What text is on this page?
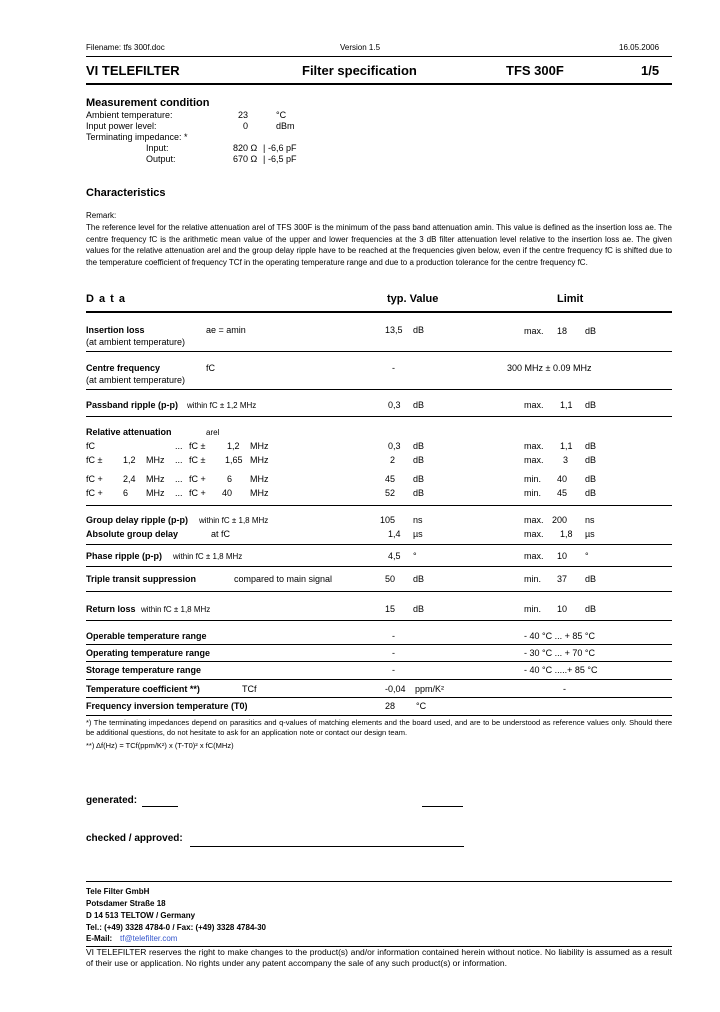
Filename: tfs 300f.doc	Version 1.5	16.05.2006
VI TELEFILTER	Filter specification	TFS 300F	1/5
Measurement condition
Ambient temperature:	23	°C
Input power level:	0	dBm
Terminating impedance: *
Input:	820 Ω | -6,6 pF
Output:	670 Ω | -6,5 pF
Characteristics
Remark:
The reference level for the relative attenuation arel of TFS 300F is the minimum of the pass band attenuation amin. This value is defined as the insertion loss ae. The centre frequency fC is the arithmetic mean value of the upper and lower frequencies at the 3 dB filter attenuation level relative to the insertion loss ae. The given values for the relative attenuation arel and the group delay ripple have to be reached at the frequencies given below, even if the centre frequency fC is shifted due to the temperature coefficient of frequency TCf in the operating temperature range and due to a production tolerance for the centre frequency fC.
D a t a	typ. Value	Limit
Insertion loss	ae = amin
(at ambient temperature)
13,5 dB	max. 18 dB
Centre frequency	fC
(at ambient temperature)
-	300 MHz ± 0.09 MHz
Passband ripple (p-p) within fC ± 1,2 MHz	0,3 dB	max. 1,1 dB
Relative attenuation	arel
fC	... fC ± 1,2 MHz	0,3 dB	max. 1,1 dB
fC ± 1,2 MHz ... fC ± 1,65 MHz	2 dB	max. 3 dB
fC + 2,4 MHz ... fC + 6 MHz	45 dB	min. 40 dB
fC + 6 MHz ... fC + 40 MHz	52 dB	min. 45 dB
Group delay ripple (p-p) within fC ± 1,8 MHz	105 ns	max. 200 ns
Absolute group delay	at fC	1,4 µs	max. 1,8 µs
Phase ripple (p-p) within fC ± 1,8 MHz	4,5 °	max. 10 °
Triple transit suppression	compared to main signal	50 dB	min. 37 dB
Return loss within fC ± 1,8 MHz	15 dB	min. 10 dB
Operable temperature range	-	- 40 °C ... + 85 °C
Operating temperature range	-	- 30 °C ... + 70 °C
Storage temperature range	-	- 40 °C .....+ 85 °C
Temperature coefficient **)	TCf	-0,04 ppm/K²	-
Frequency inversion temperature (T0)	28 °C
*) The terminating impedances depend on parasitics and q-values of matching elements and the board used, and are to be understood as reference values only. Should there be additional questions, do not hesitate to ask for an application note or contact our design team.
**) Δf(Hz) = TCf(ppm/K²) x (T-T0)² x fC(MHz)
generated:
checked / approved:
Tele Filter GmbH
Potsdamer Straße 18
D 14 513 TELTOW / Germany
Tel.: (+49) 3328 4784-0 / Fax: (+49) 3328 4784-30
E-Mail: tf@telefilter.com
VI TELEFILTER reserves the right to make changes to the product(s) and/or information contained herein without notice. No liability is assumed as a result of their use or application. No rights under any patent accompany the sale of any such product(s) or information.
